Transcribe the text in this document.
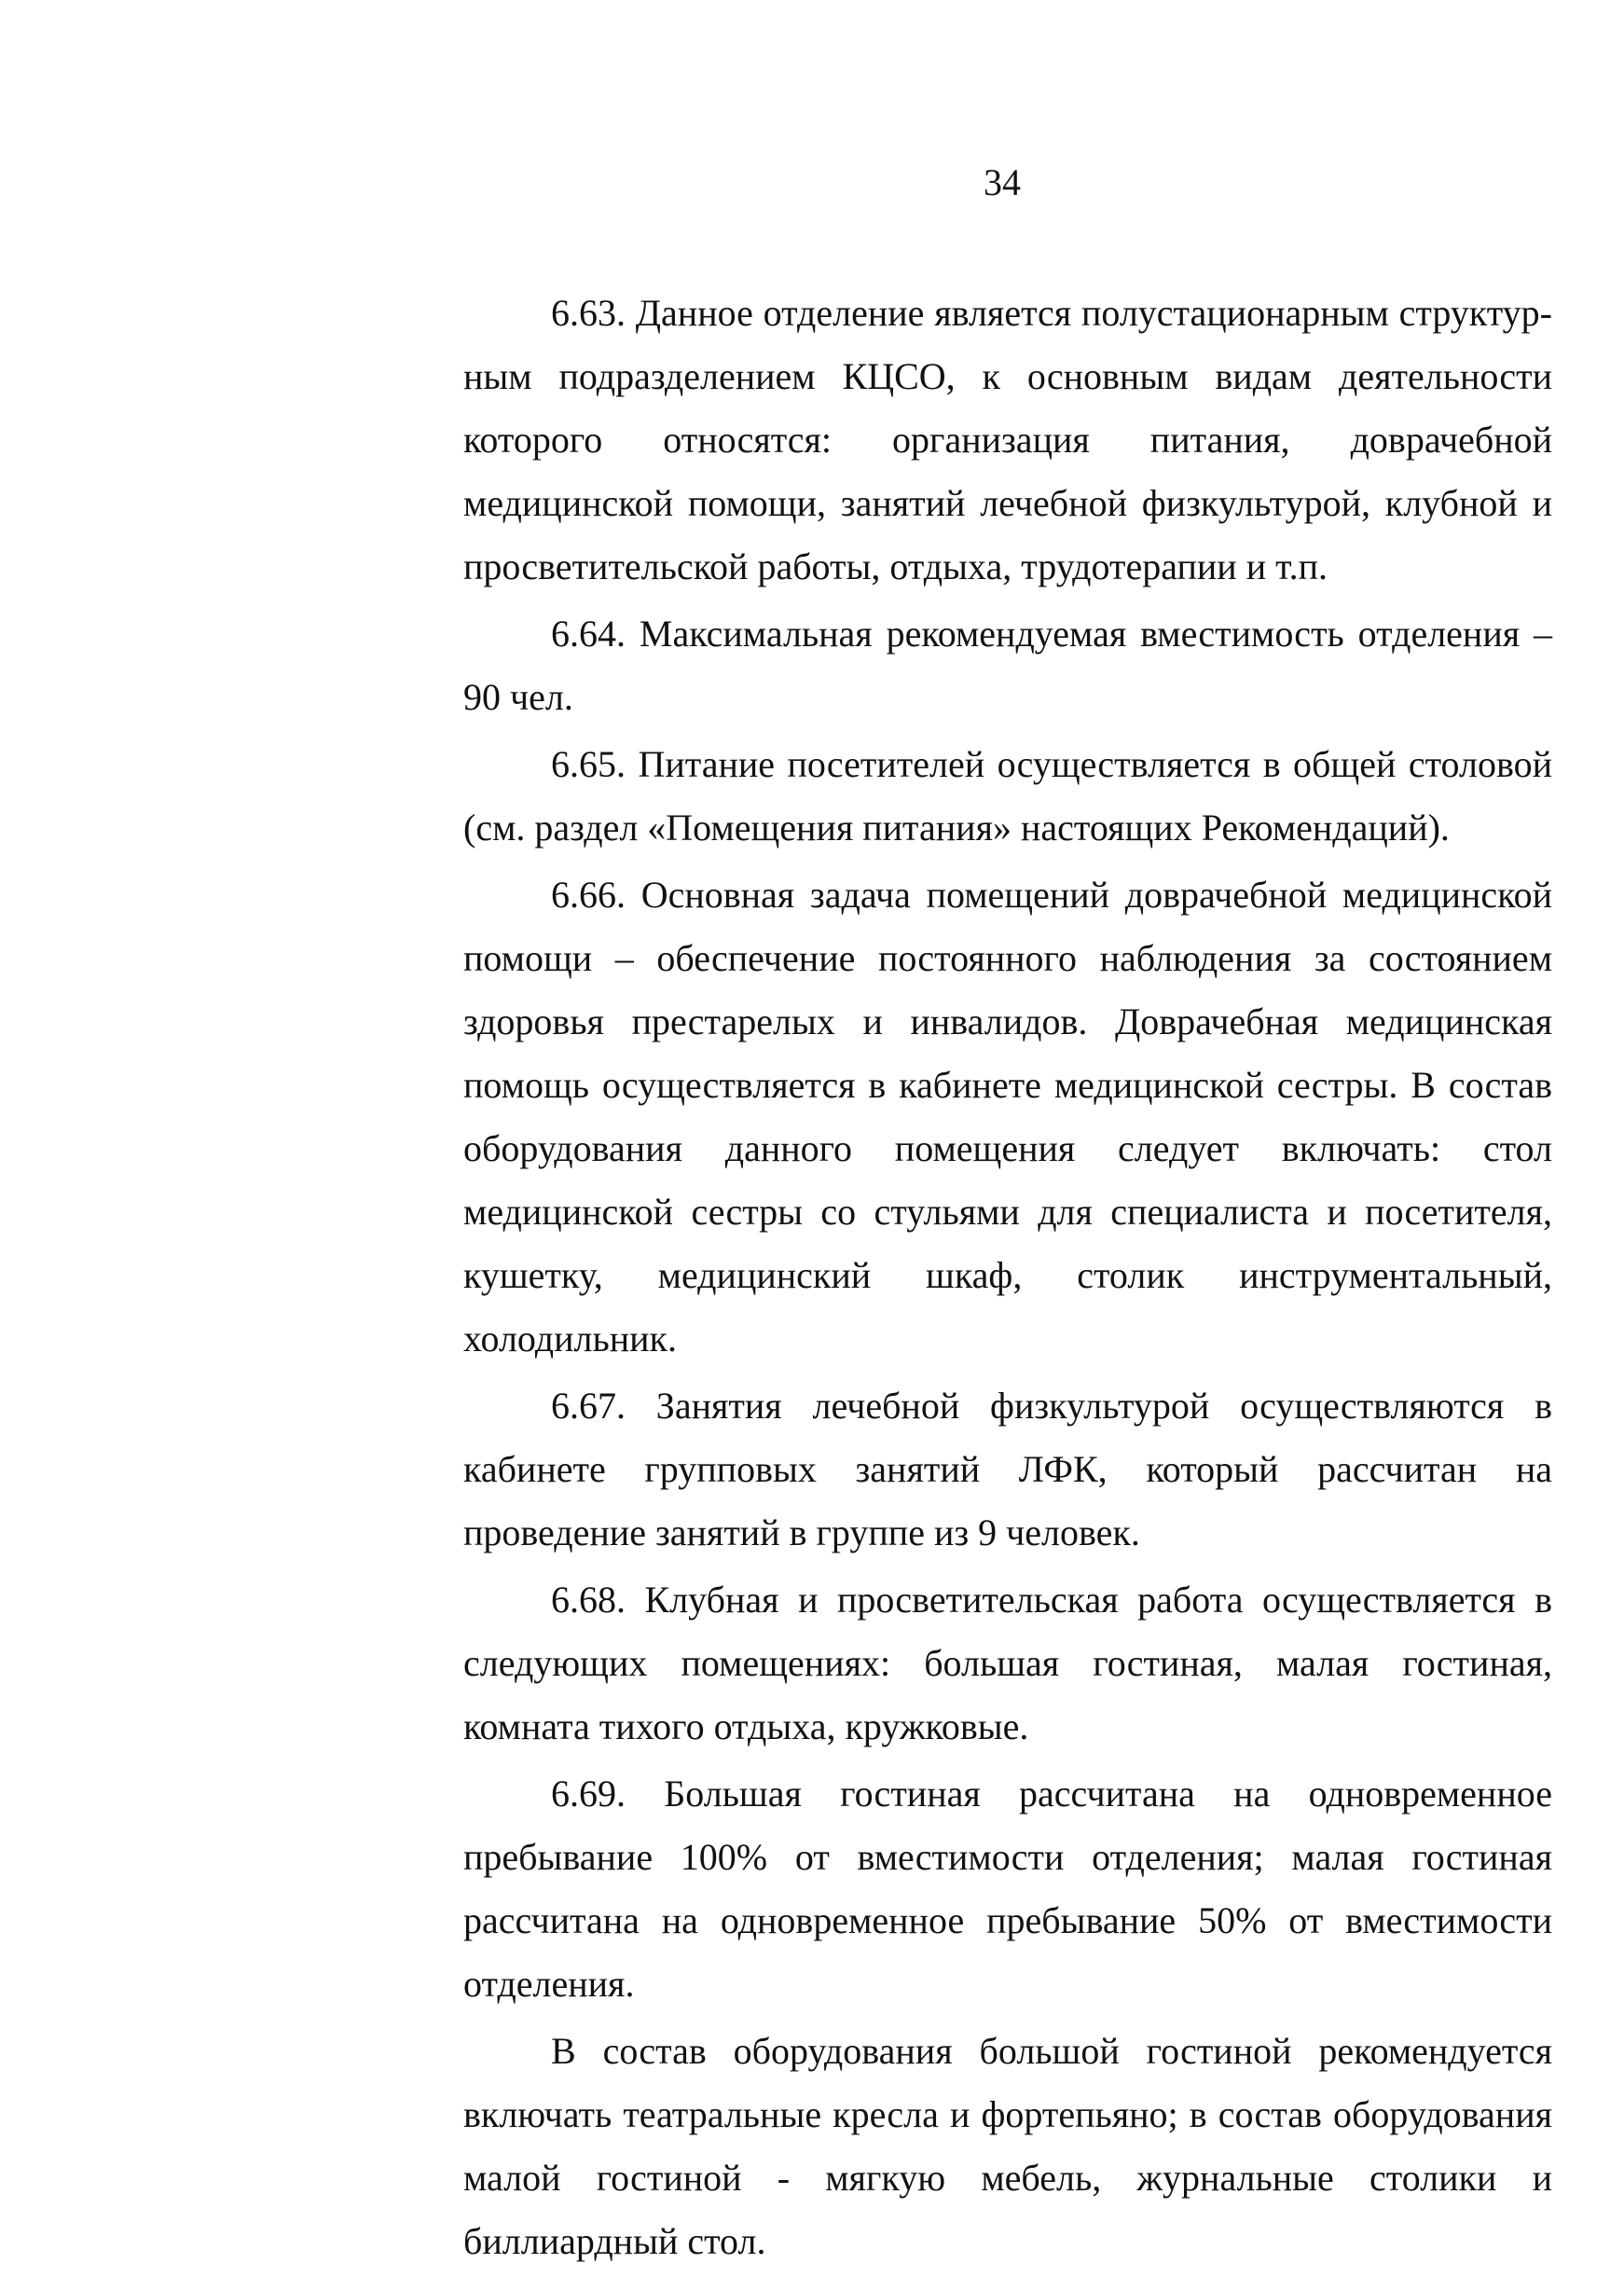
34

6.63. Данное отделение является полустационарным структурным подразделением КЦСО, к основным видам деятельности которого относятся: организация питания, доврачебной медицинской помощи, занятий лечебной физкультурой, клубной и просветительской работы, отдыха, трудотерапии и т.п.

6.64. Максимальная рекомендуемая вместимость отделения – 90 чел.

6.65. Питание посетителей осуществляется в общей столовой (см. раздел «Помещения питания» настоящих Рекомендаций).

6.66. Основная задача помещений доврачебной медицинской помощи – обеспечение постоянного наблюдения за состоянием здоровья престарелых и инвалидов. Доврачебная медицинская помощь осуществляется в кабинете медицинской сестры. В состав оборудования данного помещения следует включать: стол медицинской сестры со стульями для специалиста и посетителя, кушетку, медицинский шкаф, столик инструментальный, холодильник.

6.67. Занятия лечебной физкультурой осуществляются в кабинете групповых занятий ЛФК, который рассчитан на проведение занятий в группе из 9 человек.

6.68. Клубная и просветительская работа осуществляется в следующих помещениях: большая гостиная, малая гостиная, комната тихого отдыха, кружковые.

6.69. Большая гостиная рассчитана на одновременное пребывание 100% от вместимости отделения; малая гостиная рассчитана на одновременное пребывание 50% от вместимости отделения.

В состав оборудования большой гостиной рекомендуется включать театральные кресла и фортепьяно; в состав оборудования малой гостиной - мягкую мебель, журнальные столики и биллиардный стол.
